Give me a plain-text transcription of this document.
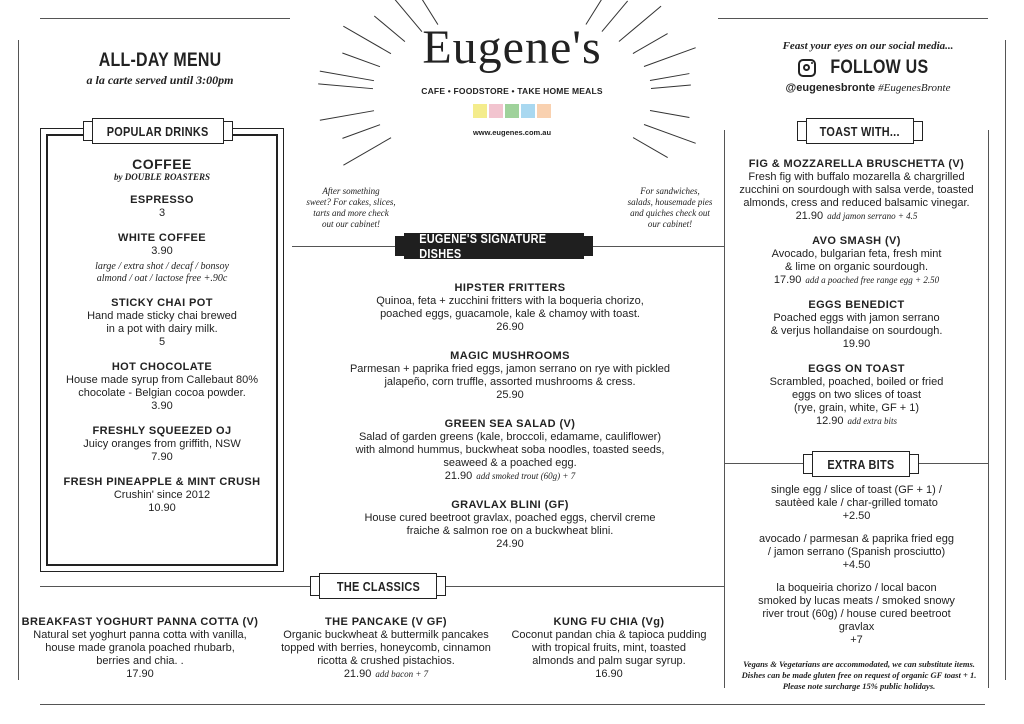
ALL-DAY MENU
a la carte served until 3:00pm
Eugene's
CAFE • FOODSTORE • TAKE HOME MEALS
www.eugenes.com.au
Feast your eyes on our social media...
FOLLOW US
@eugenesbronte #EugenesBronte
After something
sweet? For cakes, slices,
tarts and more check
out our cabinet!
For sandwiches,
salads, housemade pies
and quiches check out
our cabinet!
POPULAR DRINKS
COFFEE
by DOUBLE ROASTERS
ESPRESSO
3
WHITE COFFEE
3.90
large / extra shot / decaf / bonsoy
almond / oat / lactose free +.90c
STICKY CHAI POT
Hand made sticky chai brewed
in a pot with dairy milk.
5
HOT CHOCOLATE
House made syrup from Callebaut 80%
chocolate - Belgian cocoa powder.
3.90
FRESHLY SQUEEZED OJ
Juicy oranges from griffith, NSW
7.90
FRESH PINEAPPLE & MINT CRUSH
Crushin' since 2012
10.90
EUGENE'S SIGNATURE DISHES
HIPSTER FRITTERS
Quinoa, feta + zucchini fritters with la boqueria chorizo,
poached eggs, guacamole, kale & chamoy with toast.
26.90
MAGIC MUSHROOMS
Parmesan + paprika fried eggs, jamon serrano on rye with pickled
jalapeño, corn truffle, assorted mushrooms & cress.
25.90
GREEN SEA SALAD (V)
Salad of garden greens (kale, broccoli, edamame, cauliflower)
with almond hummus, buckwheat soba noodles, toasted seeds,
seaweed & a poached egg.
21.90 add smoked trout (60g) + 7
GRAVLAX BLINI (GF)
House cured beetroot gravlax, poached eggs, chervil creme
fraiche & salmon roe on a buckwheat blini.
24.90
TOAST WITH...
FIG & MOZZARELLA BRUSCHETTA (V)
Fresh fig with buffalo mozarella & chargrilled
zucchini on sourdough with salsa verde, toasted
almonds, cress and reduced balsamic vinegar.
21.90 add jamon serrano + 4.5
AVO SMASH (V)
Avocado, bulgarian feta, fresh mint
& lime on organic sourdough.
17.90 add a poached free range egg + 2.50
EGGS BENEDICT
Poached eggs with jamon serrano
& verjus hollandaise on sourdough.
19.90
EGGS ON TOAST
Scrambled, poached, boiled or fried
eggs on two slices of toast
(rye, grain, white, GF + 1)
12.90 add extra bits
EXTRA BITS
single egg / slice of toast (GF + 1) /
sautèed kale / char-grilled tomato
+2.50
avocado / parmesan & paprika fried egg
/ jamon serrano (Spanish prosciutto)
+4.50
la boqueiria chorizo / local bacon
smoked by lucas meats / smoked snowy
river trout (60g) / house cured beetroot
gravlax
+7
THE CLASSICS
BREAKFAST YOGHURT PANNA COTTA (V)
Natural set yoghurt panna cotta with vanilla,
house made granola poached rhubarb,
berries and chia. .
17.90
THE PANCAKE (V GF)
Organic buckwheat & buttermilk pancakes
topped with berries, honeycomb, cinnamon
ricotta & crushed pistachios.
21.90 add bacon + 7
KUNG FU CHIA (Vg)
Coconut pandan chia & tapioca pudding
with tropical fruits, mint, toasted
almonds and palm sugar syrup.
16.90
Vegans & Vegetarians are accommodated, we can substitute items.
Dishes can be made gluten free on request of organic GF toast + 1.
Please note surcharge 15% public holidays.
